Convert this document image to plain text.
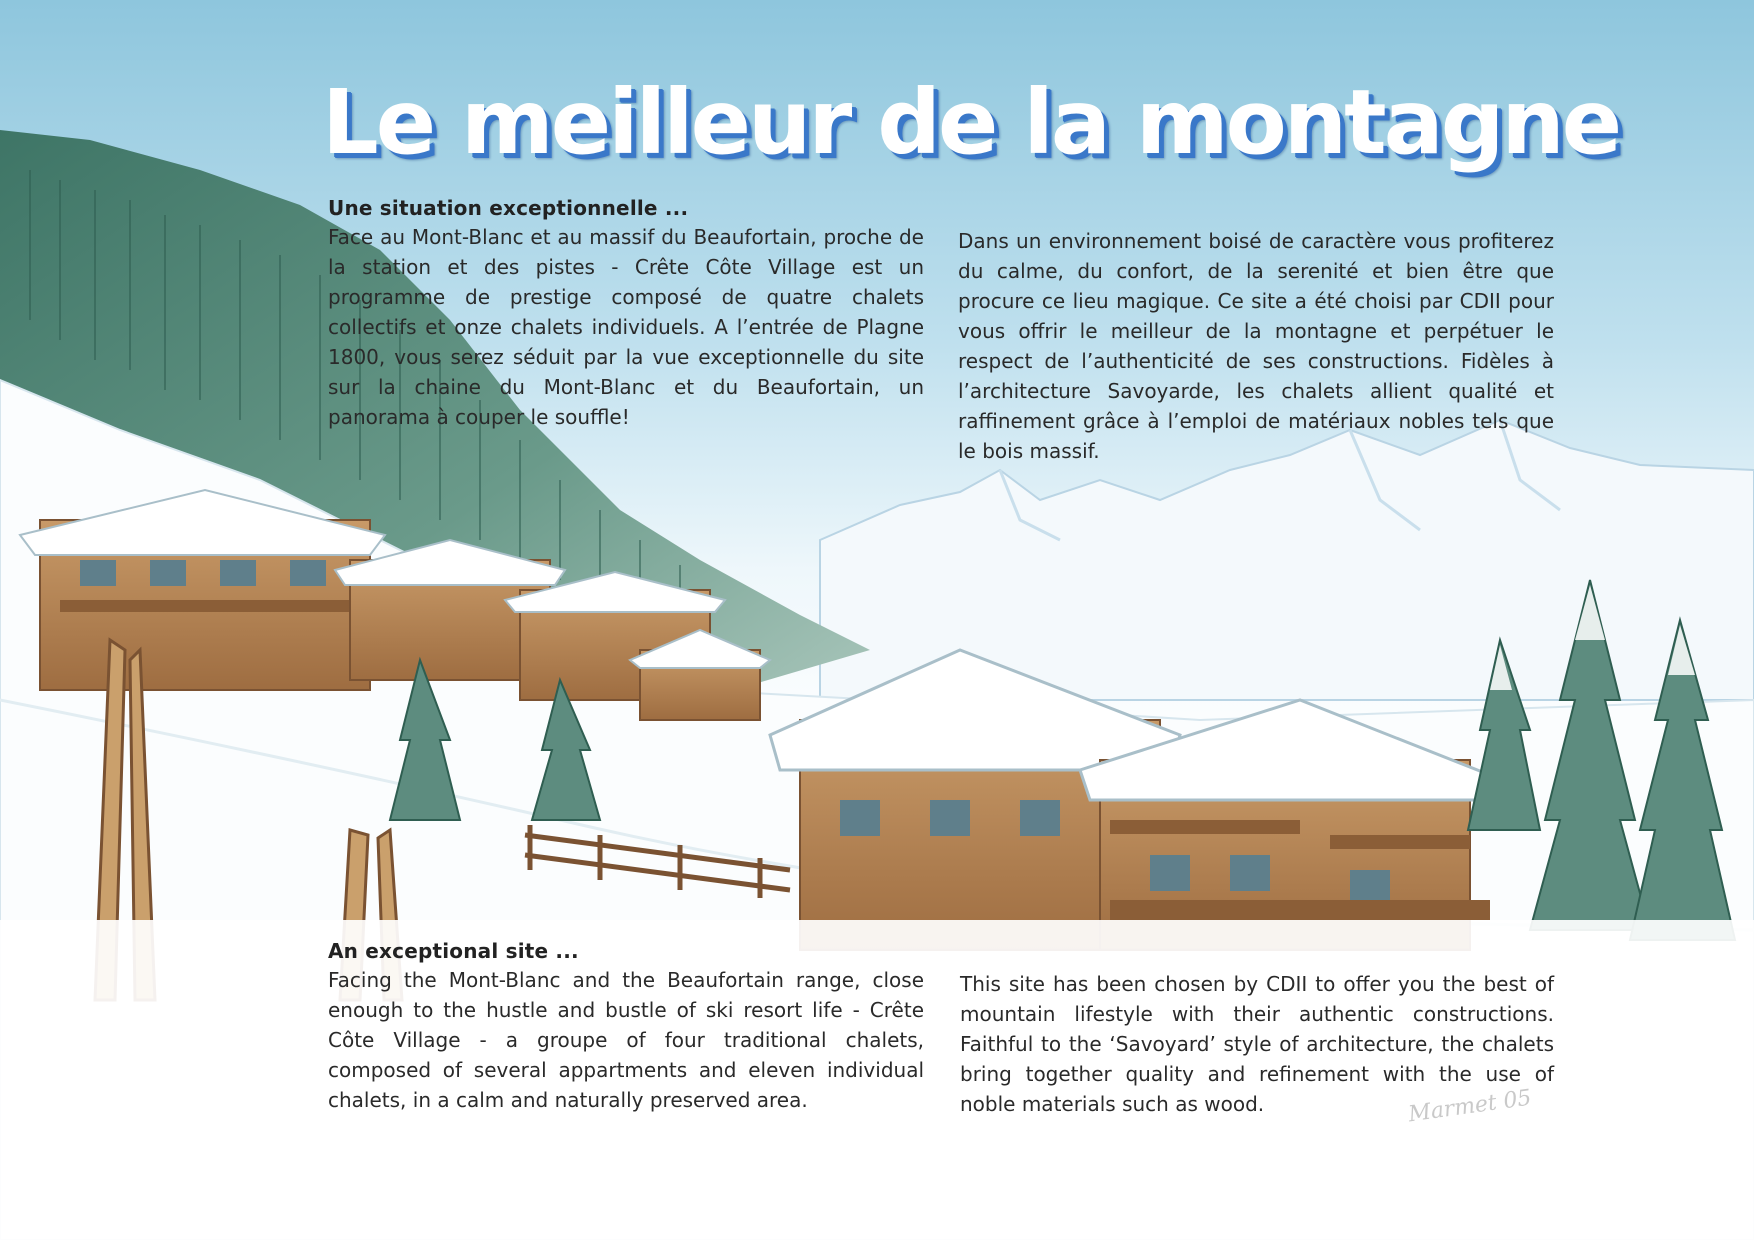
Le meilleur de la montagne
Une situation exceptionnelle ...

Face au Mont-Blanc et au massif du Beaufortain, proche de la station et des pistes - Crête Côte Village est un programme de prestige composé de quatre chalets collectifs et onze chalets individuels. A l’entrée de Plagne 1800, vous serez séduit par la vue exceptionnelle du site sur la chaine du Mont-Blanc et du Beaufortain, un panorama à couper le souffle!

Dans un environnement boisé de caractère vous profiterez du calme, du confort, de la serenité et bien être que procure ce lieu magique. Ce site a été choisi par CDII pour vous offrir le meilleur de la montagne et perpétuer le respect de l’authenticité de ses constructions. Fidèles à l’architecture Savoyarde, les chalets allient qualité et raffinement grâce à l’emploi de matériaux nobles tels que le bois massif.

An exceptional site ...

Facing the Mont-Blanc and the Beaufortain range, close enough to the hustle and bustle of ski resort life - Crête Côte Village - a groupe of four traditional chalets, composed of several appartments and eleven individual chalets, in a calm and naturally preserved area.

This site has been chosen by CDII to offer you the best of mountain lifestyle with their authentic constructions. Faithful to the ‘Savoyard’ style of architecture, the chalets bring together quality and refinement with the use of noble materials such as wood.	Marmet 05
